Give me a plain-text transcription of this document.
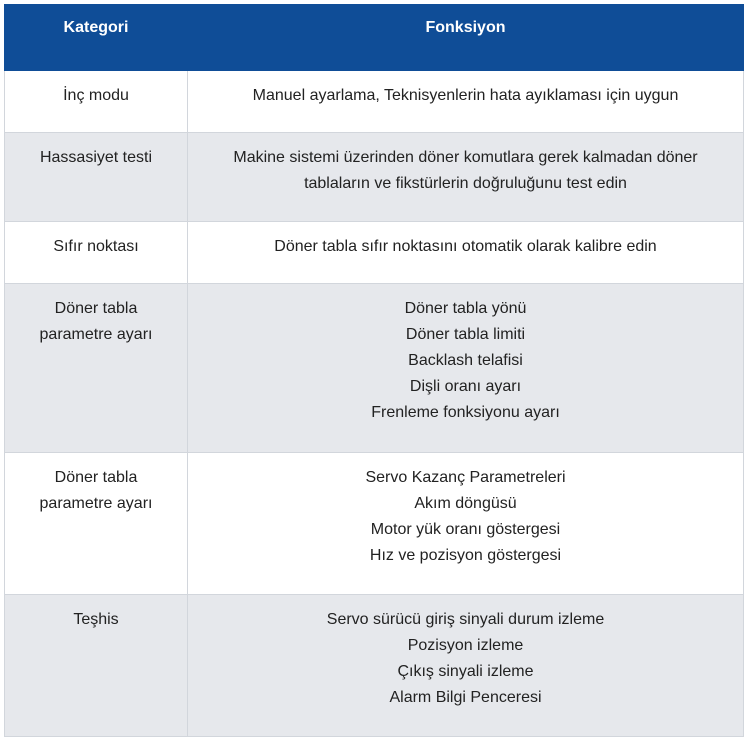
Kategori	Fonksiyon

İnç modu	Manuel ayarlama, Teknisyenlerin hata ayıklaması için uygun

Hassasiyet testi	Makine sistemi üzerinden döner komutlara gerek kalmadan döner
tablaların ve fikstürlerin doğruluğunu test edin

Sıfır noktası	Döner tabla sıfır noktasını otomatik olarak kalibre edin

Döner tabla
parametre ayarı	Döner tabla yönü
Döner tabla limiti
Backlash telafisi
Dişli oranı ayarı
Frenleme fonksiyonu ayarı

Döner tabla
parametre ayarı	Servo Kazanç Parametreleri
Akım döngüsü
Motor yük oranı göstergesi
Hız ve pozisyon göstergesi

Teşhis	Servo sürücü giriş sinyali durum izleme
Pozisyon izleme
Çıkış sinyali izleme
Alarm Bilgi Penceresi
